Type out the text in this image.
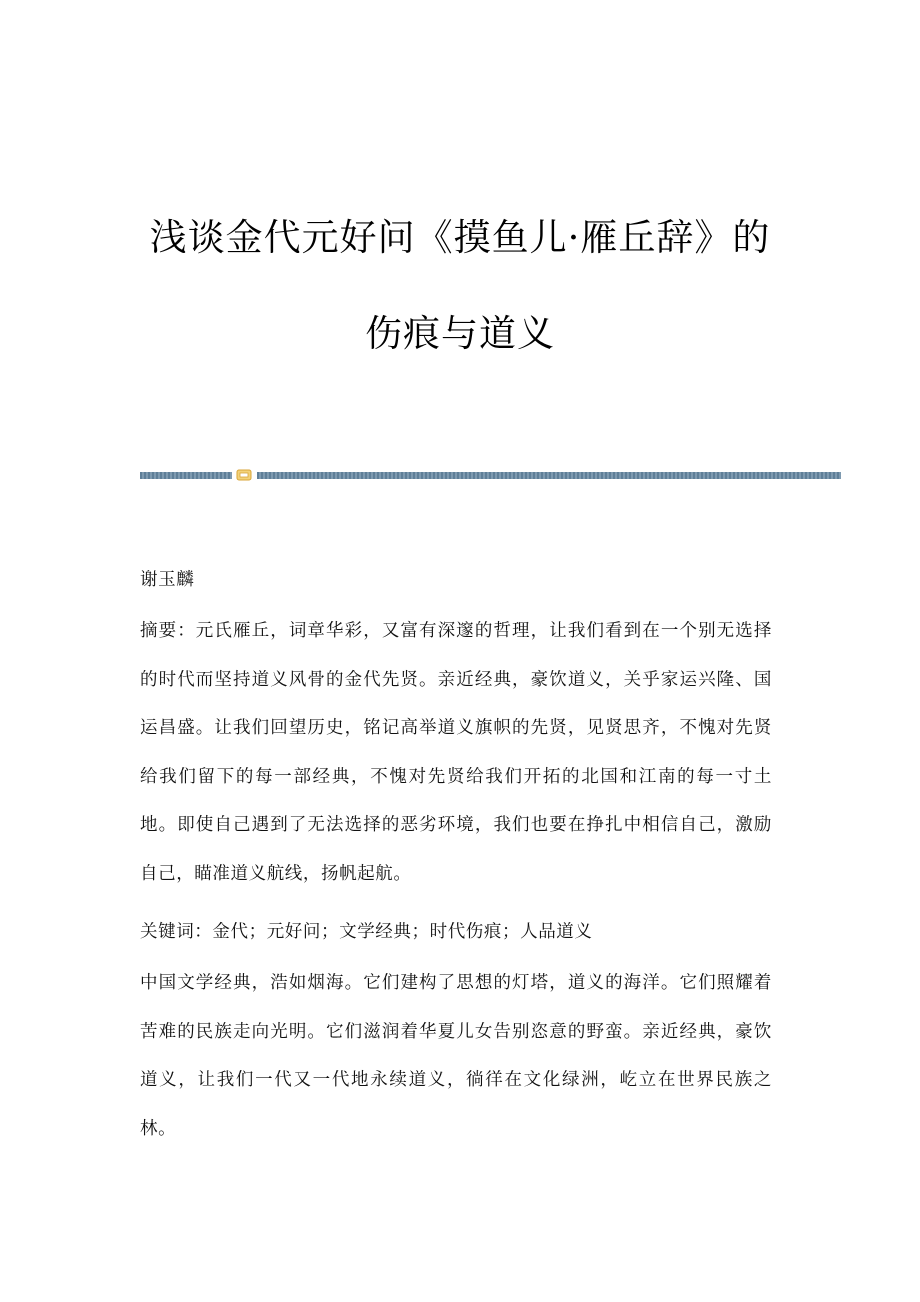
浅谈金代元好问《摸鱼儿·雁丘辞》的
伤痕与道义

谢玉麟

摘要：元氏雁丘，词章华彩，又富有深邃的哲理，让我们看到在一个别无选择的时代而坚持道义风骨的金代先贤。亲近经典，豪饮道义，关乎家运兴隆、国运昌盛。让我们回望历史，铭记高举道义旗帜的先贤，见贤思齐，不愧对先贤给我们留下的每一部经典，不愧对先贤给我们开拓的北国和江南的每一寸土地。即使自己遇到了无法选择的恶劣环境，我们也要在挣扎中相信自己，激励自己，瞄准道义航线，扬帆起航。

关键词：金代；元好问；文学经典；时代伤痕；人品道义

中国文学经典，浩如烟海。它们建构了思想的灯塔，道义的海洋。它们照耀着苦难的民族走向光明。它们滋润着华夏儿女告别恣意的野蛮。亲近经典，豪饮道义，让我们一代又一代地永续道义，徜徉在文化绿洲，屹立在世界民族之林。
